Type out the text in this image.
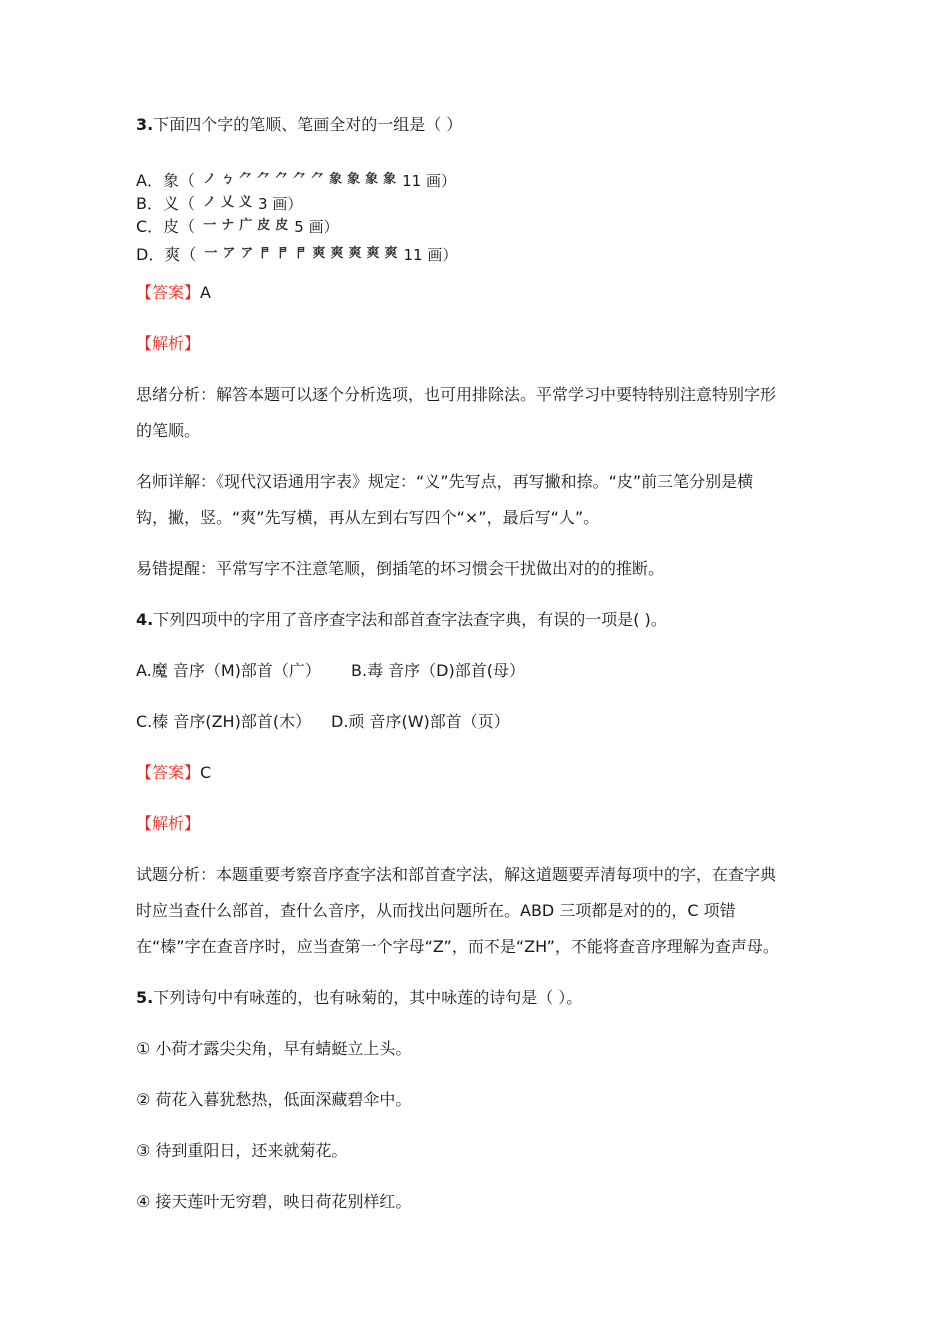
3.下面四个字的笔顺、笔画全对的一组是（ ）
A．象（ ノ ㄅ ⺈ ⺈ ⺈ ⺈ ⺈ 象 象 象 象 11 画）
B．义（ ノ 乂 义 3 画）
C．皮（ 一 ナ 广 皮 皮 5 画）
D．爽（ 一 ア ア 𠁣 𠁣 𠁣 爽 爽 爽 爽 爽 11 画）
【答案】A
【解析】
思绪分析：解答本题可以逐个分析选项，也可用排除法。平常学习中要特特别注意特别字形
的笔顺。
名师详解：《现代汉语通用字表》规定：“义”先写点，再写撇和捺。“皮”前三笔分别是横
钩，撇，竖。“爽”先写横，再从左到右写四个“×”，最后写“人”。
易错提醒：平常写字不注意笔顺，倒插笔的坏习惯会干扰做出对的的推断。
4.下列四项中的字用了音序查字法和部首查字法查字典，有误的一项是( )。
A.魔 音序（M)部首（广） B.毒 音序（D)部首(母）
C.榛 音序(ZH)部首(木） D.顽 音序(W)部首（页）
【答案】C
【解析】
试题分析：本题重要考察音序查字法和部首查字法，解这道题要弄清每项中的字，在查字典
时应当查什么部首，查什么音序，从而找出问题所在。ABD 三项都是对的的，C 项错
在“榛”字在查音序时，应当查第一个字母“Z”，而不是“ZH”，不能将查音序理解为查声母。
5.下列诗句中有咏莲的，也有咏菊的，其中咏莲的诗句是（ ）。
① 小荷才露尖尖角，早有蜻蜓立上头。
② 荷花入暮犹愁热，低面深藏碧伞中。
③ 待到重阳日，还来就菊花。
④ 接天莲叶无穷碧，映日荷花别样红。
